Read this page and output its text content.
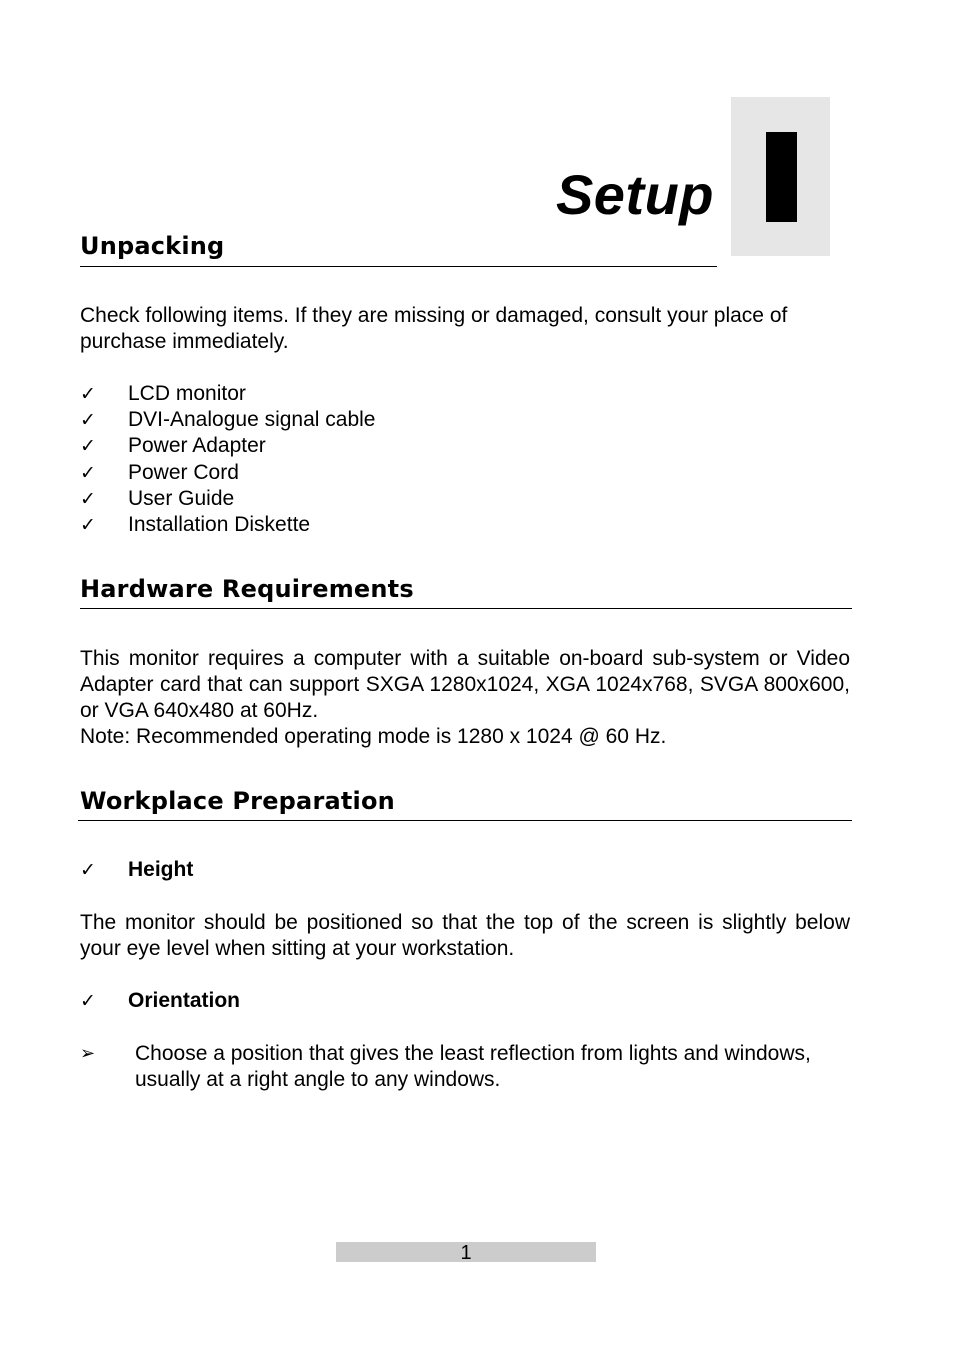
Setup
Unpacking
Check following items. If they are missing or damaged, consult your place of purchase immediately.
✓ LCD monitor
✓ DVI-Analogue signal cable
✓ Power Adapter
✓ Power Cord
✓ User Guide
✓ Installation Diskette
Hardware Requirements
This monitor requires a computer with a suitable on-board sub-system or Video Adapter card that can support SXGA 1280x1024, XGA 1024x768, SVGA 800x600, or VGA 640x480 at 60Hz.
Note: Recommended operating mode is 1280 x 1024 @ 60 Hz.
Workplace Preparation
✓ Height
The monitor should be positioned so that the top of the screen is slightly below your eye level when sitting at your workstation.
✓ Orientation
➢ Choose a position that gives the least reflection from lights and windows, usually at a right angle to any windows.
1
